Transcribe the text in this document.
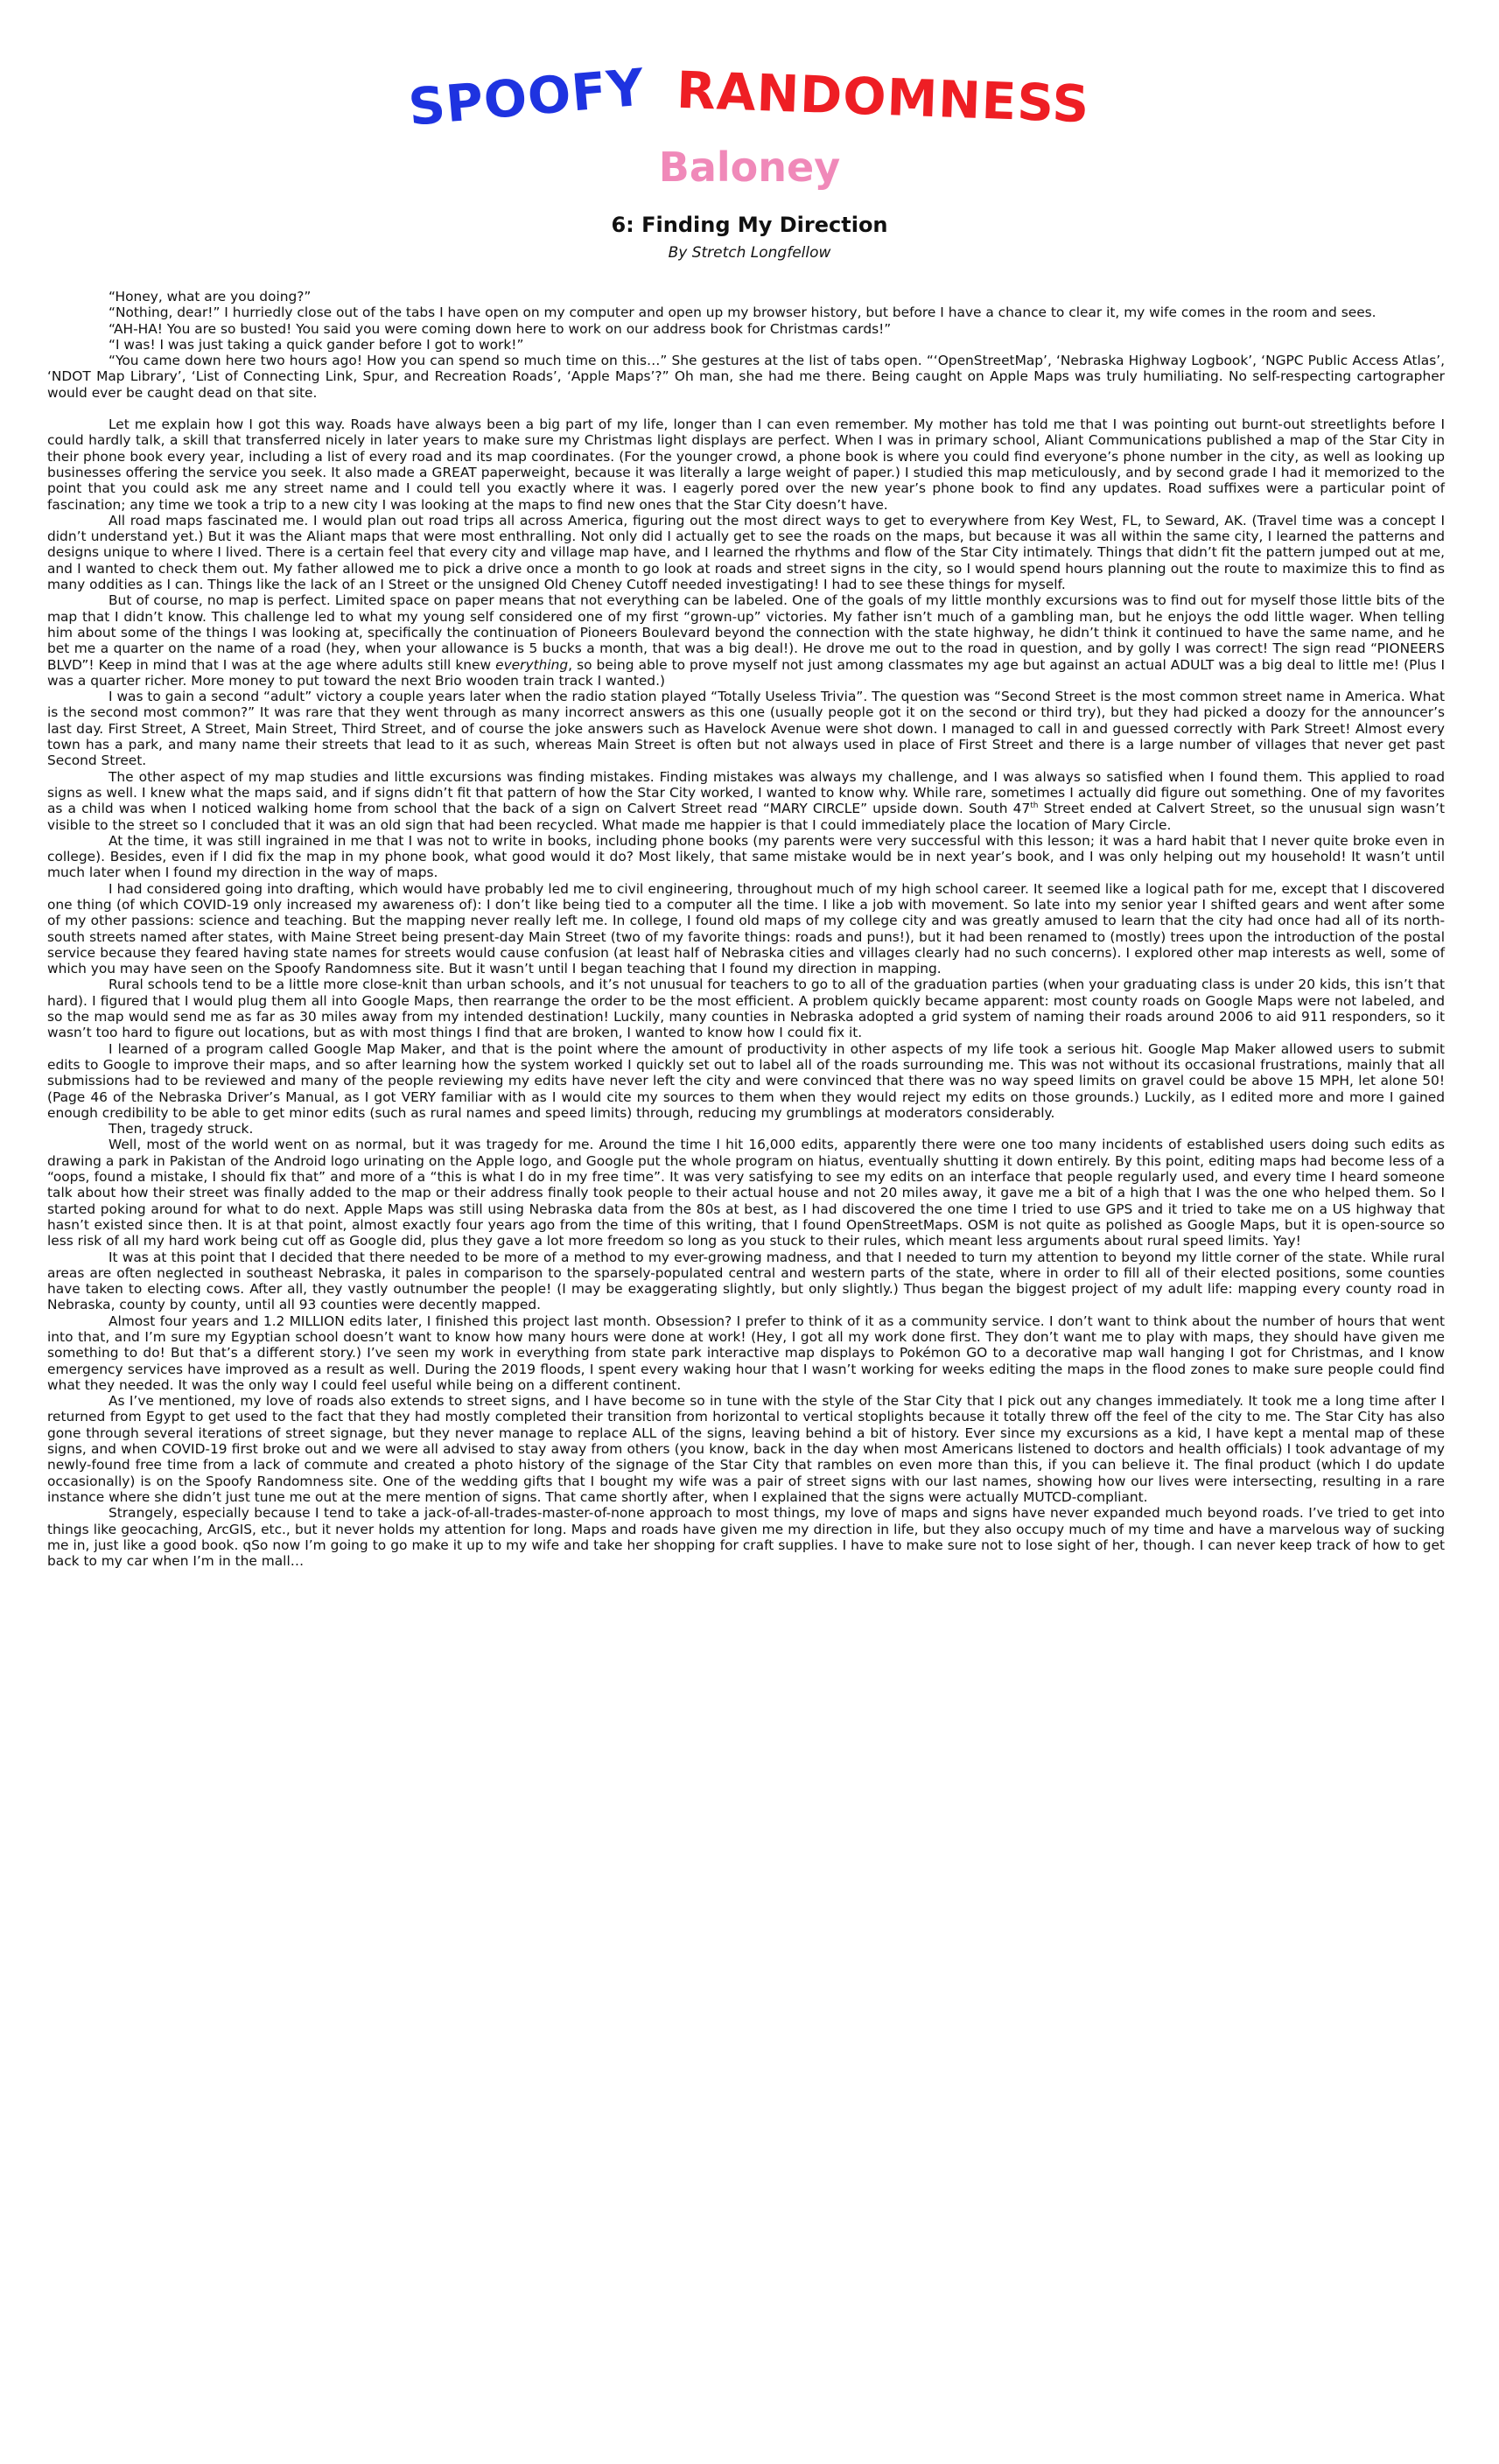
SPOOFY RANDOMNESS
Baloney
6: Finding My Direction
By Stretch Longfellow

“Honey, what are you doing?”

“Nothing, dear!” I hurriedly close out of the tabs I have open on my computer and open up my browser history, but before I have a chance to clear it, my wife comes in the room and sees.

“AH-HA! You are so busted! You said you were coming down here to work on our address book for Christmas cards!”

“I was! I was just taking a quick gander before I got to work!”

“You came down here two hours ago! How you can spend so much time on this…” She gestures at the list of tabs open. “‘OpenStreetMap’, ‘Nebraska Highway Logbook’, ‘NGPC Public Access Atlas’, ‘NDOT Map Library’, ‘List of Connecting Link, Spur, and Recreation Roads’, ‘Apple Maps’?” Oh man, she had me there. Being caught on Apple Maps was truly humiliating. No self-respecting cartographer would ever be caught dead on that site.

Let me explain how I got this way. Roads have always been a big part of my life, longer than I can even remember. My mother has told me that I was pointing out burnt-out streetlights before I could hardly talk, a skill that transferred nicely in later years to make sure my Christmas light displays are perfect. When I was in primary school, Aliant Communications published a map of the Star City in their phone book every year, including a list of every road and its map coordinates. (For the younger crowd, a phone book is where you could find everyone’s phone number in the city, as well as looking up businesses offering the service you seek. It also made a GREAT paperweight, because it was literally a large weight of paper.) I studied this map meticulously, and by second grade I had it memorized to the point that you could ask me any street name and I could tell you exactly where it was. I eagerly pored over the new year’s phone book to find any updates. Road suffixes were a particular point of fascination; any time we took a trip to a new city I was looking at the maps to find new ones that the Star City doesn’t have.

All road maps fascinated me. I would plan out road trips all across America, figuring out the most direct ways to get to everywhere from Key West, FL, to Seward, AK. (Travel time was a concept I didn’t understand yet.) But it was the Aliant maps that were most enthralling. Not only did I actually get to see the roads on the maps, but because it was all within the same city, I learned the patterns and designs unique to where I lived. There is a certain feel that every city and village map have, and I learned the rhythms and flow of the Star City intimately. Things that didn’t fit the pattern jumped out at me, and I wanted to check them out. My father allowed me to pick a drive once a month to go look at roads and street signs in the city, so I would spend hours planning out the route to maximize this to find as many oddities as I can. Things like the lack of an I Street or the unsigned Old Cheney Cutoff needed investigating! I had to see these things for myself.

But of course, no map is perfect. Limited space on paper means that not everything can be labeled. One of the goals of my little monthly excursions was to find out for myself those little bits of the map that I didn’t know. This challenge led to what my young self considered one of my first “grown-up” victories. My father isn’t much of a gambling man, but he enjoys the odd little wager. When telling him about some of the things I was looking at, specifically the continuation of Pioneers Boulevard beyond the connection with the state highway, he didn’t think it continued to have the same name, and he bet me a quarter on the name of a road (hey, when your allowance is 5 bucks a month, that was a big deal!). He drove me out to the road in question, and by golly I was correct! The sign read “PIONEERS BLVD”! Keep in mind that I was at the age where adults still knew everything, so being able to prove myself not just among classmates my age but against an actual ADULT was a big deal to little me! (Plus I was a quarter richer. More money to put toward the next Brio wooden train track I wanted.)

I was to gain a second “adult” victory a couple years later when the radio station played “Totally Useless Trivia”. The question was “Second Street is the most common street name in America. What is the second most common?” It was rare that they went through as many incorrect answers as this one (usually people got it on the second or third try), but they had picked a doozy for the announcer’s last day. First Street, A Street, Main Street, Third Street, and of course the joke answers such as Havelock Avenue were shot down. I managed to call in and guessed correctly with Park Street! Almost every town has a park, and many name their streets that lead to it as such, whereas Main Street is often but not always used in place of First Street and there is a large number of villages that never get past Second Street.

The other aspect of my map studies and little excursions was finding mistakes. Finding mistakes was always my challenge, and I was always so satisfied when I found them. This applied to road signs as well. I knew what the maps said, and if signs didn’t fit that pattern of how the Star City worked, I wanted to know why. While rare, sometimes I actually did figure out something. One of my favorites as a child was when I noticed walking home from school that the back of a sign on Calvert Street read “MARY CIRCLE” upside down. South 47th Street ended at Calvert Street, so the unusual sign wasn’t visible to the street so I concluded that it was an old sign that had been recycled. What made me happier is that I could immediately place the location of Mary Circle.

At the time, it was still ingrained in me that I was not to write in books, including phone books (my parents were very successful with this lesson; it was a hard habit that I never quite broke even in college). Besides, even if I did fix the map in my phone book, what good would it do? Most likely, that same mistake would be in next year’s book, and I was only helping out my household! It wasn’t until much later when I found my direction in the way of maps.

I had considered going into drafting, which would have probably led me to civil engineering, throughout much of my high school career. It seemed like a logical path for me, except that I discovered one thing (of which COVID-19 only increased my awareness of): I don’t like being tied to a computer all the time. I like a job with movement. So late into my senior year I shifted gears and went after some of my other passions: science and teaching. But the mapping never really left me. In college, I found old maps of my college city and was greatly amused to learn that the city had once had all of its north-south streets named after states, with Maine Street being present-day Main Street (two of my favorite things: roads and puns!), but it had been renamed to (mostly) trees upon the introduction of the postal service because they feared having state names for streets would cause confusion (at least half of Nebraska cities and villages clearly had no such concerns). I explored other map interests as well, some of which you may have seen on the Spoofy Randomness site. But it wasn’t until I began teaching that I found my direction in mapping.

Rural schools tend to be a little more close-knit than urban schools, and it’s not unusual for teachers to go to all of the graduation parties (when your graduating class is under 20 kids, this isn’t that hard). I figured that I would plug them all into Google Maps, then rearrange the order to be the most efficient. A problem quickly became apparent: most county roads on Google Maps were not labeled, and so the map would send me as far as 30 miles away from my intended destination! Luckily, many counties in Nebraska adopted a grid system of naming their roads around 2006 to aid 911 responders, so it wasn’t too hard to figure out locations, but as with most things I find that are broken, I wanted to know how I could fix it.

I learned of a program called Google Map Maker, and that is the point where the amount of productivity in other aspects of my life took a serious hit. Google Map Maker allowed users to submit edits to Google to improve their maps, and so after learning how the system worked I quickly set out to label all of the roads surrounding me. This was not without its occasional frustrations, mainly that all submissions had to be reviewed and many of the people reviewing my edits have never left the city and were convinced that there was no way speed limits on gravel could be above 15 MPH, let alone 50! (Page 46 of the Nebraska Driver’s Manual, as I got VERY familiar with as I would cite my sources to them when they would reject my edits on those grounds.) Luckily, as I edited more and more I gained enough credibility to be able to get minor edits (such as rural names and speed limits) through, reducing my grumblings at moderators considerably.

Then, tragedy struck.

Well, most of the world went on as normal, but it was tragedy for me. Around the time I hit 16,000 edits, apparently there were one too many incidents of established users doing such edits as drawing a park in Pakistan of the Android logo urinating on the Apple logo, and Google put the whole program on hiatus, eventually shutting it down entirely. By this point, editing maps had become less of a “oops, found a mistake, I should fix that” and more of a “this is what I do in my free time”. It was very satisfying to see my edits on an interface that people regularly used, and every time I heard someone talk about how their street was finally added to the map or their address finally took people to their actual house and not 20 miles away, it gave me a bit of a high that I was the one who helped them. So I started poking around for what to do next. Apple Maps was still using Nebraska data from the 80s at best, as I had discovered the one time I tried to use GPS and it tried to take me on a US highway that hasn’t existed since then. It is at that point, almost exactly four years ago from the time of this writing, that I found OpenStreetMaps. OSM is not quite as polished as Google Maps, but it is open-source so less risk of all my hard work being cut off as Google did, plus they gave a lot more freedom so long as you stuck to their rules, which meant less arguments about rural speed limits. Yay!

It was at this point that I decided that there needed to be more of a method to my ever-growing madness, and that I needed to turn my attention to beyond my little corner of the state. While rural areas are often neglected in southeast Nebraska, it pales in comparison to the sparsely-populated central and western parts of the state, where in order to fill all of their elected positions, some counties have taken to electing cows. After all, they vastly outnumber the people! (I may be exaggerating slightly, but only slightly.) Thus began the biggest project of my adult life: mapping every county road in Nebraska, county by county, until all 93 counties were decently mapped.

Almost four years and 1.2 MILLION edits later, I finished this project last month. Obsession? I prefer to think of it as a community service. I don’t want to think about the number of hours that went into that, and I’m sure my Egyptian school doesn’t want to know how many hours were done at work! (Hey, I got all my work done first. They don’t want me to play with maps, they should have given me something to do! But that’s a different story.) I’ve seen my work in everything from state park interactive map displays to Pokémon GO to a decorative map wall hanging I got for Christmas, and I know emergency services have improved as a result as well. During the 2019 floods, I spent every waking hour that I wasn’t working for weeks editing the maps in the flood zones to make sure people could find what they needed. It was the only way I could feel useful while being on a different continent.

As I’ve mentioned, my love of roads also extends to street signs, and I have become so in tune with the style of the Star City that I pick out any changes immediately. It took me a long time after I returned from Egypt to get used to the fact that they had mostly completed their transition from horizontal to vertical stoplights because it totally threw off the feel of the city to me. The Star City has also gone through several iterations of street signage, but they never manage to replace ALL of the signs, leaving behind a bit of history. Ever since my excursions as a kid, I have kept a mental map of these signs, and when COVID-19 first broke out and we were all advised to stay away from others (you know, back in the day when most Americans listened to doctors and health officials) I took advantage of my newly-found free time from a lack of commute and created a photo history of the signage of the Star City that rambles on even more than this, if you can believe it. The final product (which I do update occasionally) is on the Spoofy Randomness site. One of the wedding gifts that I bought my wife was a pair of street signs with our last names, showing how our lives were intersecting, resulting in a rare instance where she didn’t just tune me out at the mere mention of signs. That came shortly after, when I explained that the signs were actually MUTCD-compliant.

Strangely, especially because I tend to take a jack-of-all-trades-master-of-none approach to most things, my love of maps and signs have never expanded much beyond roads. I’ve tried to get into things like geocaching, ArcGIS, etc., but it never holds my attention for long. Maps and roads have given me my direction in life, but they also occupy much of my time and have a marvelous way of sucking me in, just like a good book. qSo now I’m going to go make it up to my wife and take her shopping for craft supplies. I have to make sure not to lose sight of her, though. I can never keep track of how to get back to my car when I’m in the mall…
